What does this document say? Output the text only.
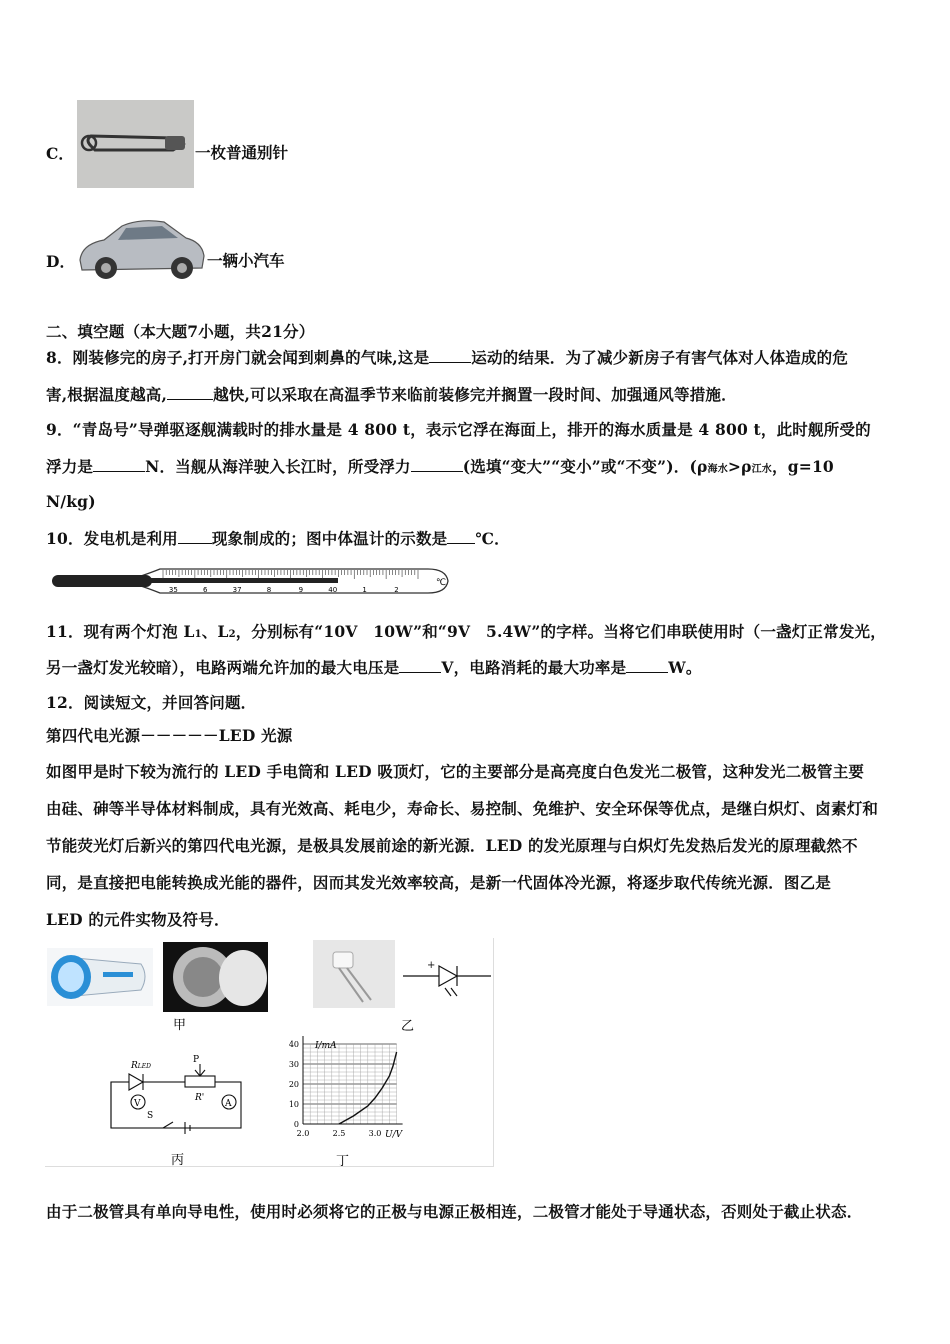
C．	一枚普通别针
D．	一辆小汽车
二、填空题（本大题7小题，共21分）
8．刚装修完的房子,打开房门就会闻到刺鼻的气味,这是	运动的结果．为了减少新房子有害气体对人体造成的危
害,根据温度越高,	越快,可以采取在高温季节来临前装修完并搁置一段时间、加强通风等措施．
9．“青岛号”导弹驱逐舰满载时的排水量是 4 800 t，表示它浮在海面上，排开的海水质量是 4 800 t，此时舰所受的
浮力是	N．当舰从海洋驶入长江时，所受浮力	(选填“变大”“变小”或“不变”)．(ρ海水>ρ江水，g=10
N/kg)
10．发电机是利用 现象制成的；图中体温计的示数是 ℃．
35	6	37	8	9	40	1	2
℃
11．现有两个灯泡 L1、L2，分别标有“10V　10W”和“9V　5.4W”的字样。当将它们串联使用时（一盏灯正常发光，
另一盏灯发光较暗），电路两端允许加的最大电压是	V，电路消耗的最大功率是	W。
12．阅读短文，并回答问题．
第四代电光源－－－－－LED 光源
如图甲是时下较为流行的 LED 手电筒和 LED 吸顶灯，它的主要部分是高亮度白色发光二极管，这种发光二极管主要
由硅、砷等半导体材料制成，具有光效高、耗电少，寿命长、易控制、免维护、安全环保等优点，是继白炽灯、卤素灯和
节能荧光灯后新兴的第四代电光源，是极具发展前途的新光源．LED 的发光原理与白炽灯先发热后发光的原理截然不
同，是直接把电能转换成光能的器件，因而其发光效率较高，是新一代固体冷光源，将逐步取代传统光源．图乙是
LED 的元件实物及符号．
+
甲	乙
RLED
P
R'
V	A
S
丙
40
30
20
10
0
2.0	2.5	3.0
I/mA
U/V
丁
由于二极管具有单向导电性，使用时必须将它的正极与电源正极相连，二极管才能处于导通状态，否则处于截止状态．
